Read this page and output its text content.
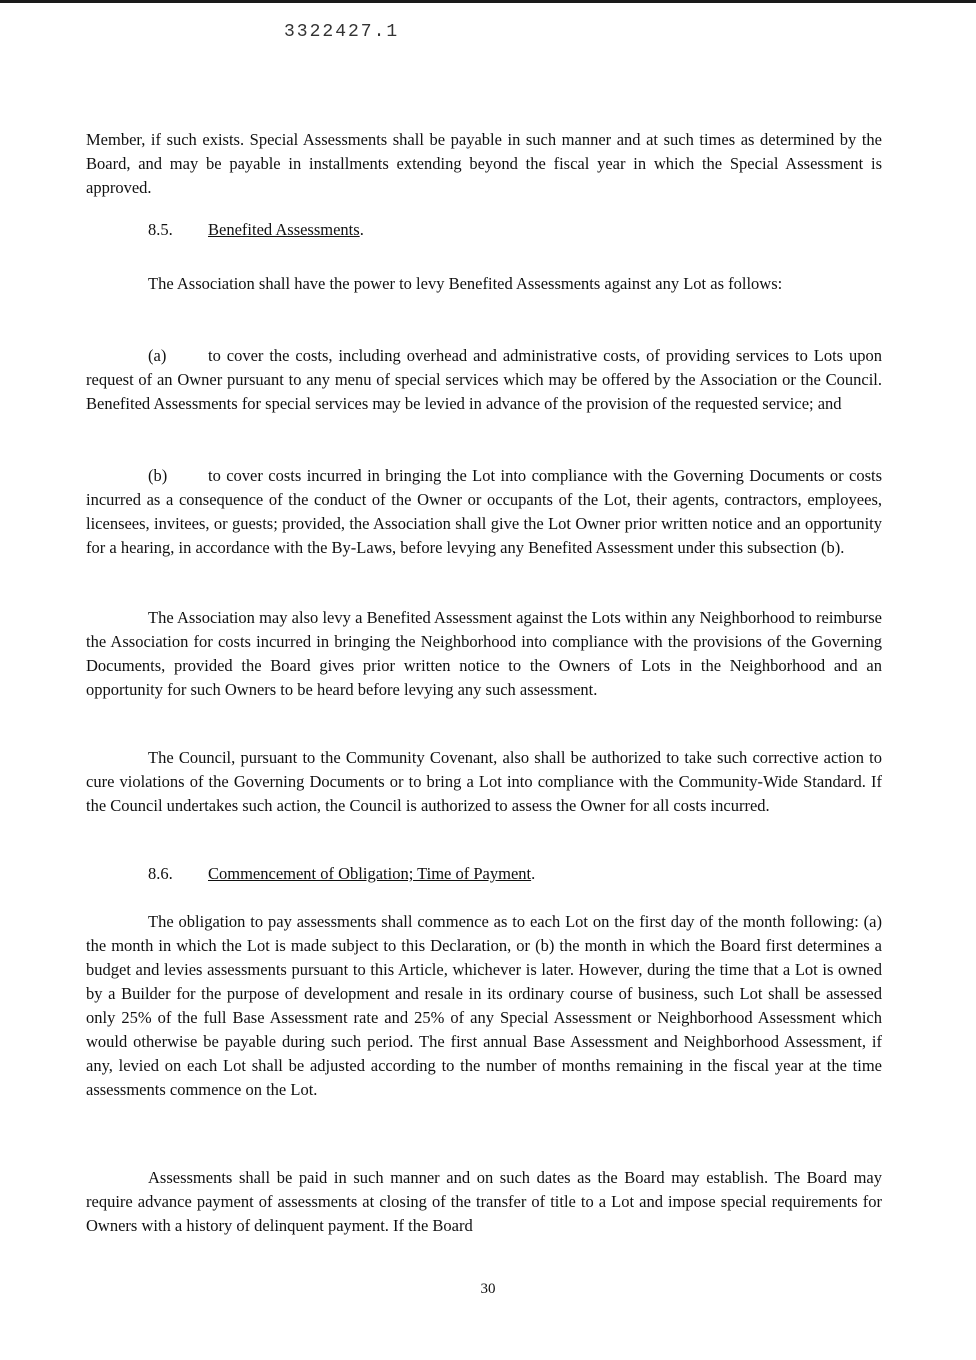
3322427.1

Member, if such exists. Special Assessments shall be payable in such manner and at such times as determined by the Board, and may be payable in installments extending beyond the fiscal year in which the Special Assessment is approved.

8.5. Benefited Assessments.

The Association shall have the power to levy Benefited Assessments against any Lot as follows:

(a)	to cover the costs, including overhead and administrative costs, of providing services to Lots upon request of an Owner pursuant to any menu of special services which may be offered by the Association or the Council. Benefited Assessments for special services may be levied in advance of the provision of the requested service; and

(b) to cover costs incurred in bringing the Lot into compliance with the Governing Documents or costs incurred as a consequence of the conduct of the Owner or occupants of the Lot, their agents, contractors, employees, licensees, invitees, or guests; provided, the Association shall give the Lot Owner prior written notice and an opportunity for a hearing, in accordance with the By-Laws, before levying any Benefited Assessment under this subsection (b).

The Association may also levy a Benefited Assessment against the Lots within any Neighborhood to reimburse the Association for costs incurred in bringing the Neighborhood into compliance with the provisions of the Governing Documents, provided the Board gives prior written notice to the Owners of Lots in the Neighborhood and an opportunity for such Owners to be heard before levying any such assessment.

The Council, pursuant to the Community Covenant, also shall be authorized to take such corrective action to cure violations of the Governing Documents or to bring a Lot into compliance with the Community-Wide Standard. If the Council undertakes such action, the Council is authorized to assess the Owner for all costs incurred.

8.6. Commencement of Obligation; Time of Payment.

The obligation to pay assessments shall commence as to each Lot on the first day of the month following: (a) the month in which the Lot is made subject to this Declaration, or (b) the month in which the Board first determines a budget and levies assessments pursuant to this Article, whichever is later. However, during the time that a Lot is owned by a Builder for the purpose of development and resale in its ordinary course of business, such Lot shall be assessed only 25% of the full Base Assessment rate and 25% of any Special Assessment or Neighborhood Assessment which would otherwise be payable during such period. The first annual Base Assessment and Neighborhood Assessment, if any, levied on each Lot shall be adjusted according to the number of months remaining in the fiscal year at the time assessments commence on the Lot.

Assessments shall be paid in such manner and on such dates as the Board may establish. The Board may require advance payment of assessments at closing of the transfer of title to a Lot and impose special requirements for Owners with a history of delinquent payment. If the Board

30
